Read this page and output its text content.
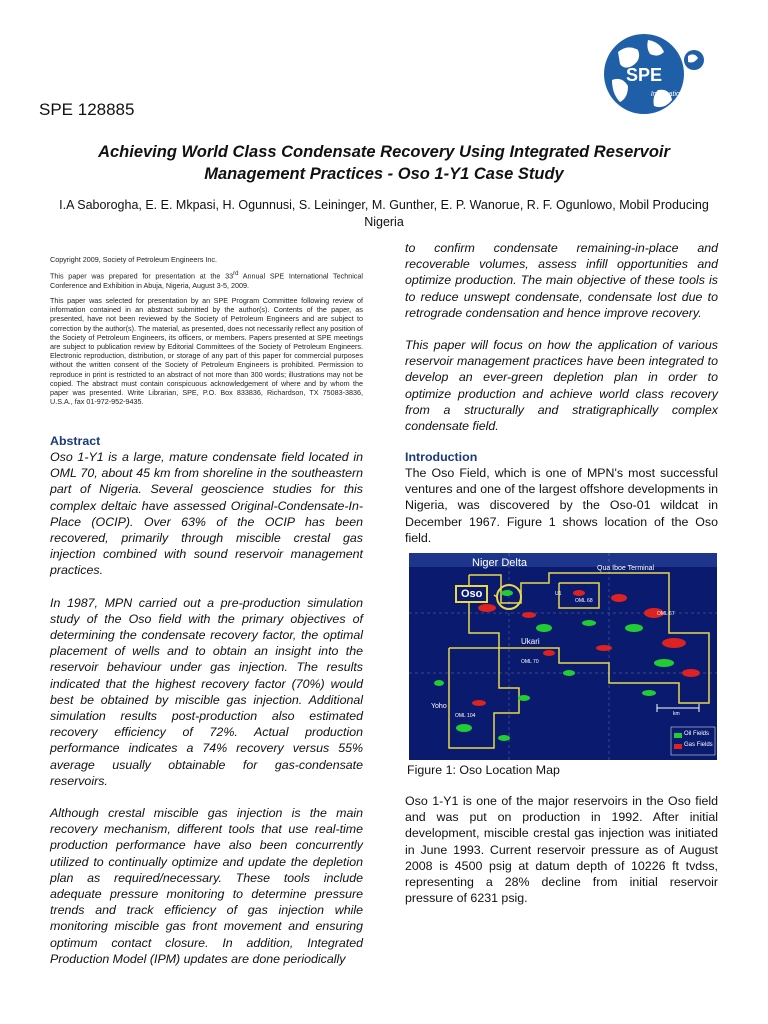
SPE
International
SPE 128885
Achieving World Class Condensate Recovery Using Integrated Reservoir
Management Practices - Oso 1-Y1 Case Study
I.A Saborogha, E. E. Mkpasi, H. Ogunnusi, S. Leininger, M. Gunther, E. P. Wanorue, R. F. Ogunlowo, Mobil Producing
Nigeria

Copyright 2009, Society of Petroleum Engineers Inc.

This paper was prepared for presentation at the 33rd Annual SPE International Technical Conference and Exhibition in Abuja, Nigeria, August 3-5, 2009.

This paper was selected for presentation by an SPE Program Committee following review of information contained in an abstract submitted by the author(s). Contents of the paper, as presented, have not been reviewed by the Society of Petroleum Engineers and are subject to correction by the author(s). The material, as presented, does not necessarily reflect any position of the Society of Petroleum Engineers, its officers, or members. Papers presented at SPE meetings are subject to publication review by Editorial Committees of the Society of Petroleum Engineers. Electronic reproduction, distribution, or storage of any part of this paper for commercial purposes without the written consent of the Society of Petroleum Engineers is prohibited. Permission to reproduce in print is restricted to an abstract of not more than 300 words; illustrations may not be copied. The abstract must contain conspicuous acknowledgement of where and by whom the paper was presented. Write Librarian, SPE, P.O. Box 833836, Richardson, TX 75083-3836, U.S.A., fax 01-972-952-9435.

Abstract

Oso 1-Y1 is a large, mature condensate field located in OML 70, about 45 km from shoreline in the southeastern part of Nigeria. Several geoscience studies for this complex deltaic have assessed Original-Condensate-In-Place (OCIP). Over 63% of the OCIP has been recovered, primarily through miscible crestal gas injection combined with sound reservoir management practices.

In 1987, MPN carried out a pre-production simulation study of the Oso field with the primary objectives of determining the condensate recovery factor, the optimal placement of wells and to obtain an insight into the reservoir behaviour under gas injection. The results indicated that the highest recovery factor (70%) would best be obtained by miscible gas injection. Additional simulation results post-production also estimated recovery efficiency of 72%. Actual production performance indicates a 74% recovery versus 55% average usually obtainable for gas-condensate reservoirs.

Although crestal miscible gas injection is the main recovery mechanism, different tools that use real-time production performance have also been concurrently utilized to continually optimize and update the depletion plan as required/necessary. These tools include adequate pressure monitoring to determine pressure trends and track efficiency of gas injection while monitoring miscible gas front movement and ensuring optimum contact closure. In addition, Integrated Production Model (IPM) updates are done periodically

to confirm condensate remaining-in-place and recoverable volumes, assess infill opportunities and optimize production. The main objective of these tools is to reduce unswept condensate, condensate lost due to retrograde condensation and hence improve recovery.

This paper will focus on how the application of various reservoir management practices have been integrated to develop an ever-green depletion plan in order to optimize production and achieve world class recovery from a structurally and stratigraphically complex condensate field.

Introduction
The Oso Field, which is one of MPN's most successful ventures and one of the largest offshore developments in Nigeria, was discovered by the Oso-01 wildcat in December 1967. Figure 1 shows location of the Oso field.
Niger Delta	Qua Iboe Terminal
Oso	U1
OML 68
OML 67
Ukari
OML 70
Yoho
OML 104	km
Oil Fields
Gas Fields
Figure 1: Oso Location Map
Oso 1-Y1 is one of the major reservoirs in the Oso field and was put on production in 1992. After initial development, miscible crestal gas injection was initiated in June 1993. Current reservoir pressure as of August 2008 is 4500 psig at datum depth of 10226 ft tvdss, representing a 28% decline from initial reservoir pressure of 6231 psig.
